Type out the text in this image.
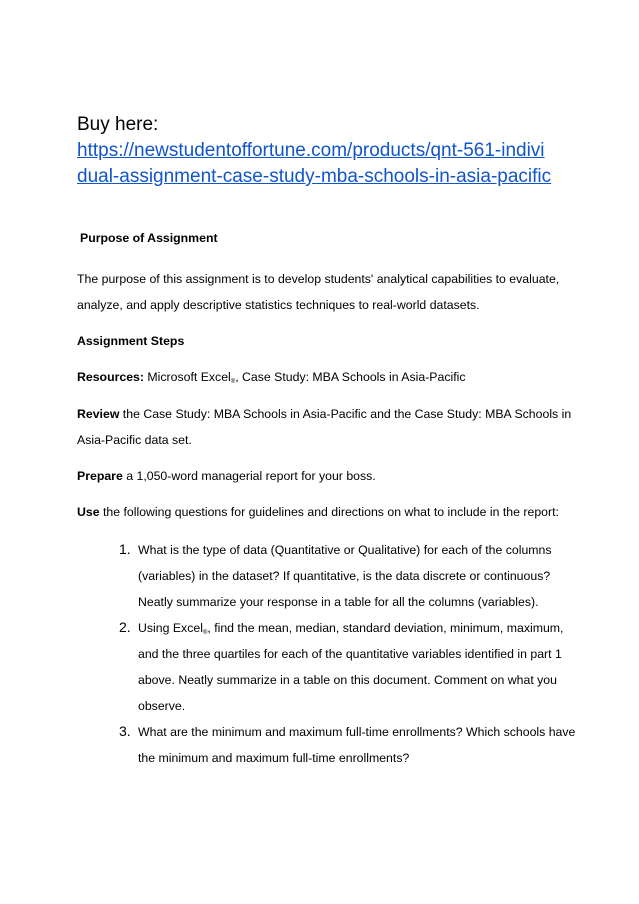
Buy here:
https://newstudentoffortune.com/products/qnt-561-indivi
dual-assignment-case-study-mba-schools-in-asia-pacific
Purpose of Assignment
The purpose of this assignment is to develop students' analytical capabilities to evaluate,
analyze, and apply descriptive statistics techniques to real-world datasets.
Assignment Steps
Resources: Microsoft Excel®, Case Study: MBA Schools in Asia-Pacific
Review the Case Study: MBA Schools in Asia-Pacific and the Case Study: MBA Schools in
Asia-Pacific data set.
Prepare a 1,050-word managerial report for your boss.
Use the following questions for guidelines and directions on what to include in the report:
1. What is the type of data (Quantitative or Qualitative) for each of the columns
(variables) in the dataset? If quantitative, is the data discrete or continuous?
Neatly summarize your response in a table for all the columns (variables).
2. Using Excel®, find the mean, median, standard deviation, minimum, maximum,
and the three quartiles for each of the quantitative variables identified in part 1
above. Neatly summarize in a table on this document. Comment on what you
observe.
3. What are the minimum and maximum full-time enrollments? Which schools have
the minimum and maximum full-time enrollments?
